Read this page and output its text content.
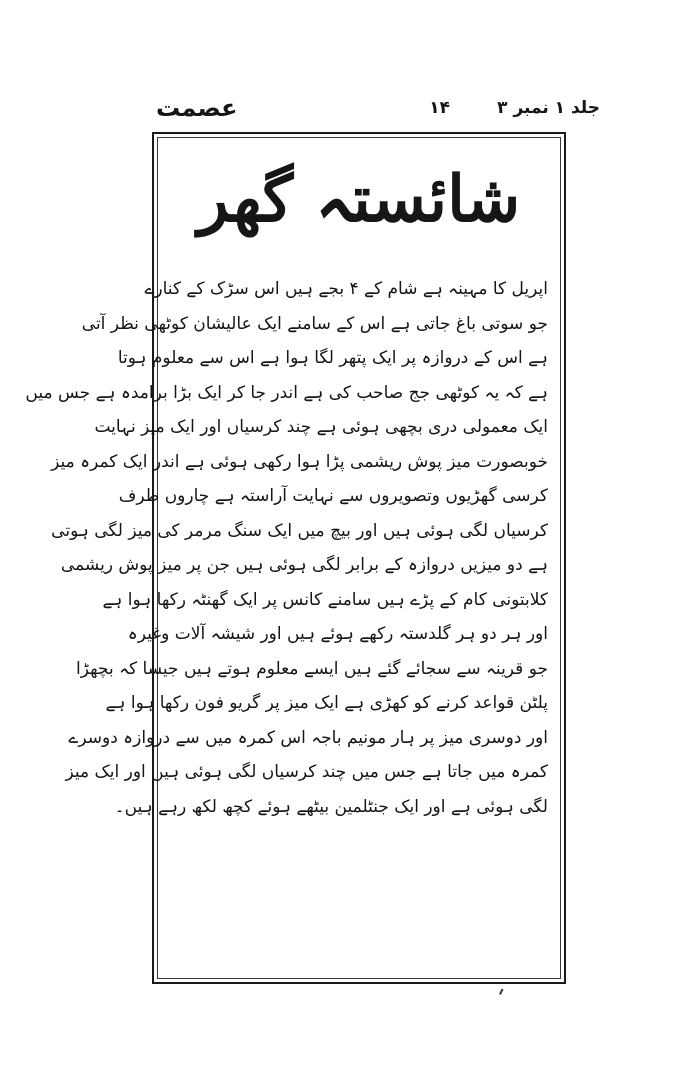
جلد ۱ نمبر ۳
۱۴
عصمت
شائستہ گھر
اپریل کا مہینہ ہے شام کے ۴ بجے ہیں اس سڑک کے کنارے
جو سوتی باغ جاتی ہے اس کے سامنے ایک عالیشان کوٹھی نظر آتی
ہے اس کے دروازہ پر ایک پتھر لگا ہوا ہے اس سے معلوم ہوتا
ہے کہ یہ کوٹھی جج صاحب کی ہے اندر جا کر ایک بڑا برامدہ ہے جس میں
ایک معمولی دری بچھی ہوئی ہے چند کرسیاں اور ایک میز نہایت
خوبصورت میز پوش ریشمی پڑا ہوا رکھی ہوئی ہے اندر ایک کمرہ میز
کرسی گھڑیوں وتصویروں سے نہایت آراستہ ہے چاروں طرف
کرسیاں لگی ہوئی ہیں اور بیچ میں ایک سنگ مرمر کی میز لگی ہوتی
ہے دو میزیں دروازہ کے برابر لگی ہوئی ہیں جن پر میز پوش ریشمی
کلابتونی کام کے پڑے ہیں سامنے کانس پر ایک گھنٹہ رکھا ہوا ہے
اور ہر دو ہر گلدستہ رکھے ہوئے ہیں اور شیشہ آلات وغیرہ
جو قرینہ سے سجائے گئے ہیں ایسے معلوم ہوتے ہیں جیسا کہ بچھڑا
پلٹن قواعد کرنے کو کھڑی ہے ایک میز پر گریو فون رکھا ہوا ہے
اور دوسری میز پر ہار مونیم باجہ اس کمرہ میں سے دروازہ دوسرے
کمرہ میں جاتا ہے جس میں چند کرسیاں لگی ہوئی ہیں اور ایک میز
لگی ہوئی ہے اور ایک جنٹلمین بیٹھے ہوئے کچھ لکھ رہے ہیں۔
